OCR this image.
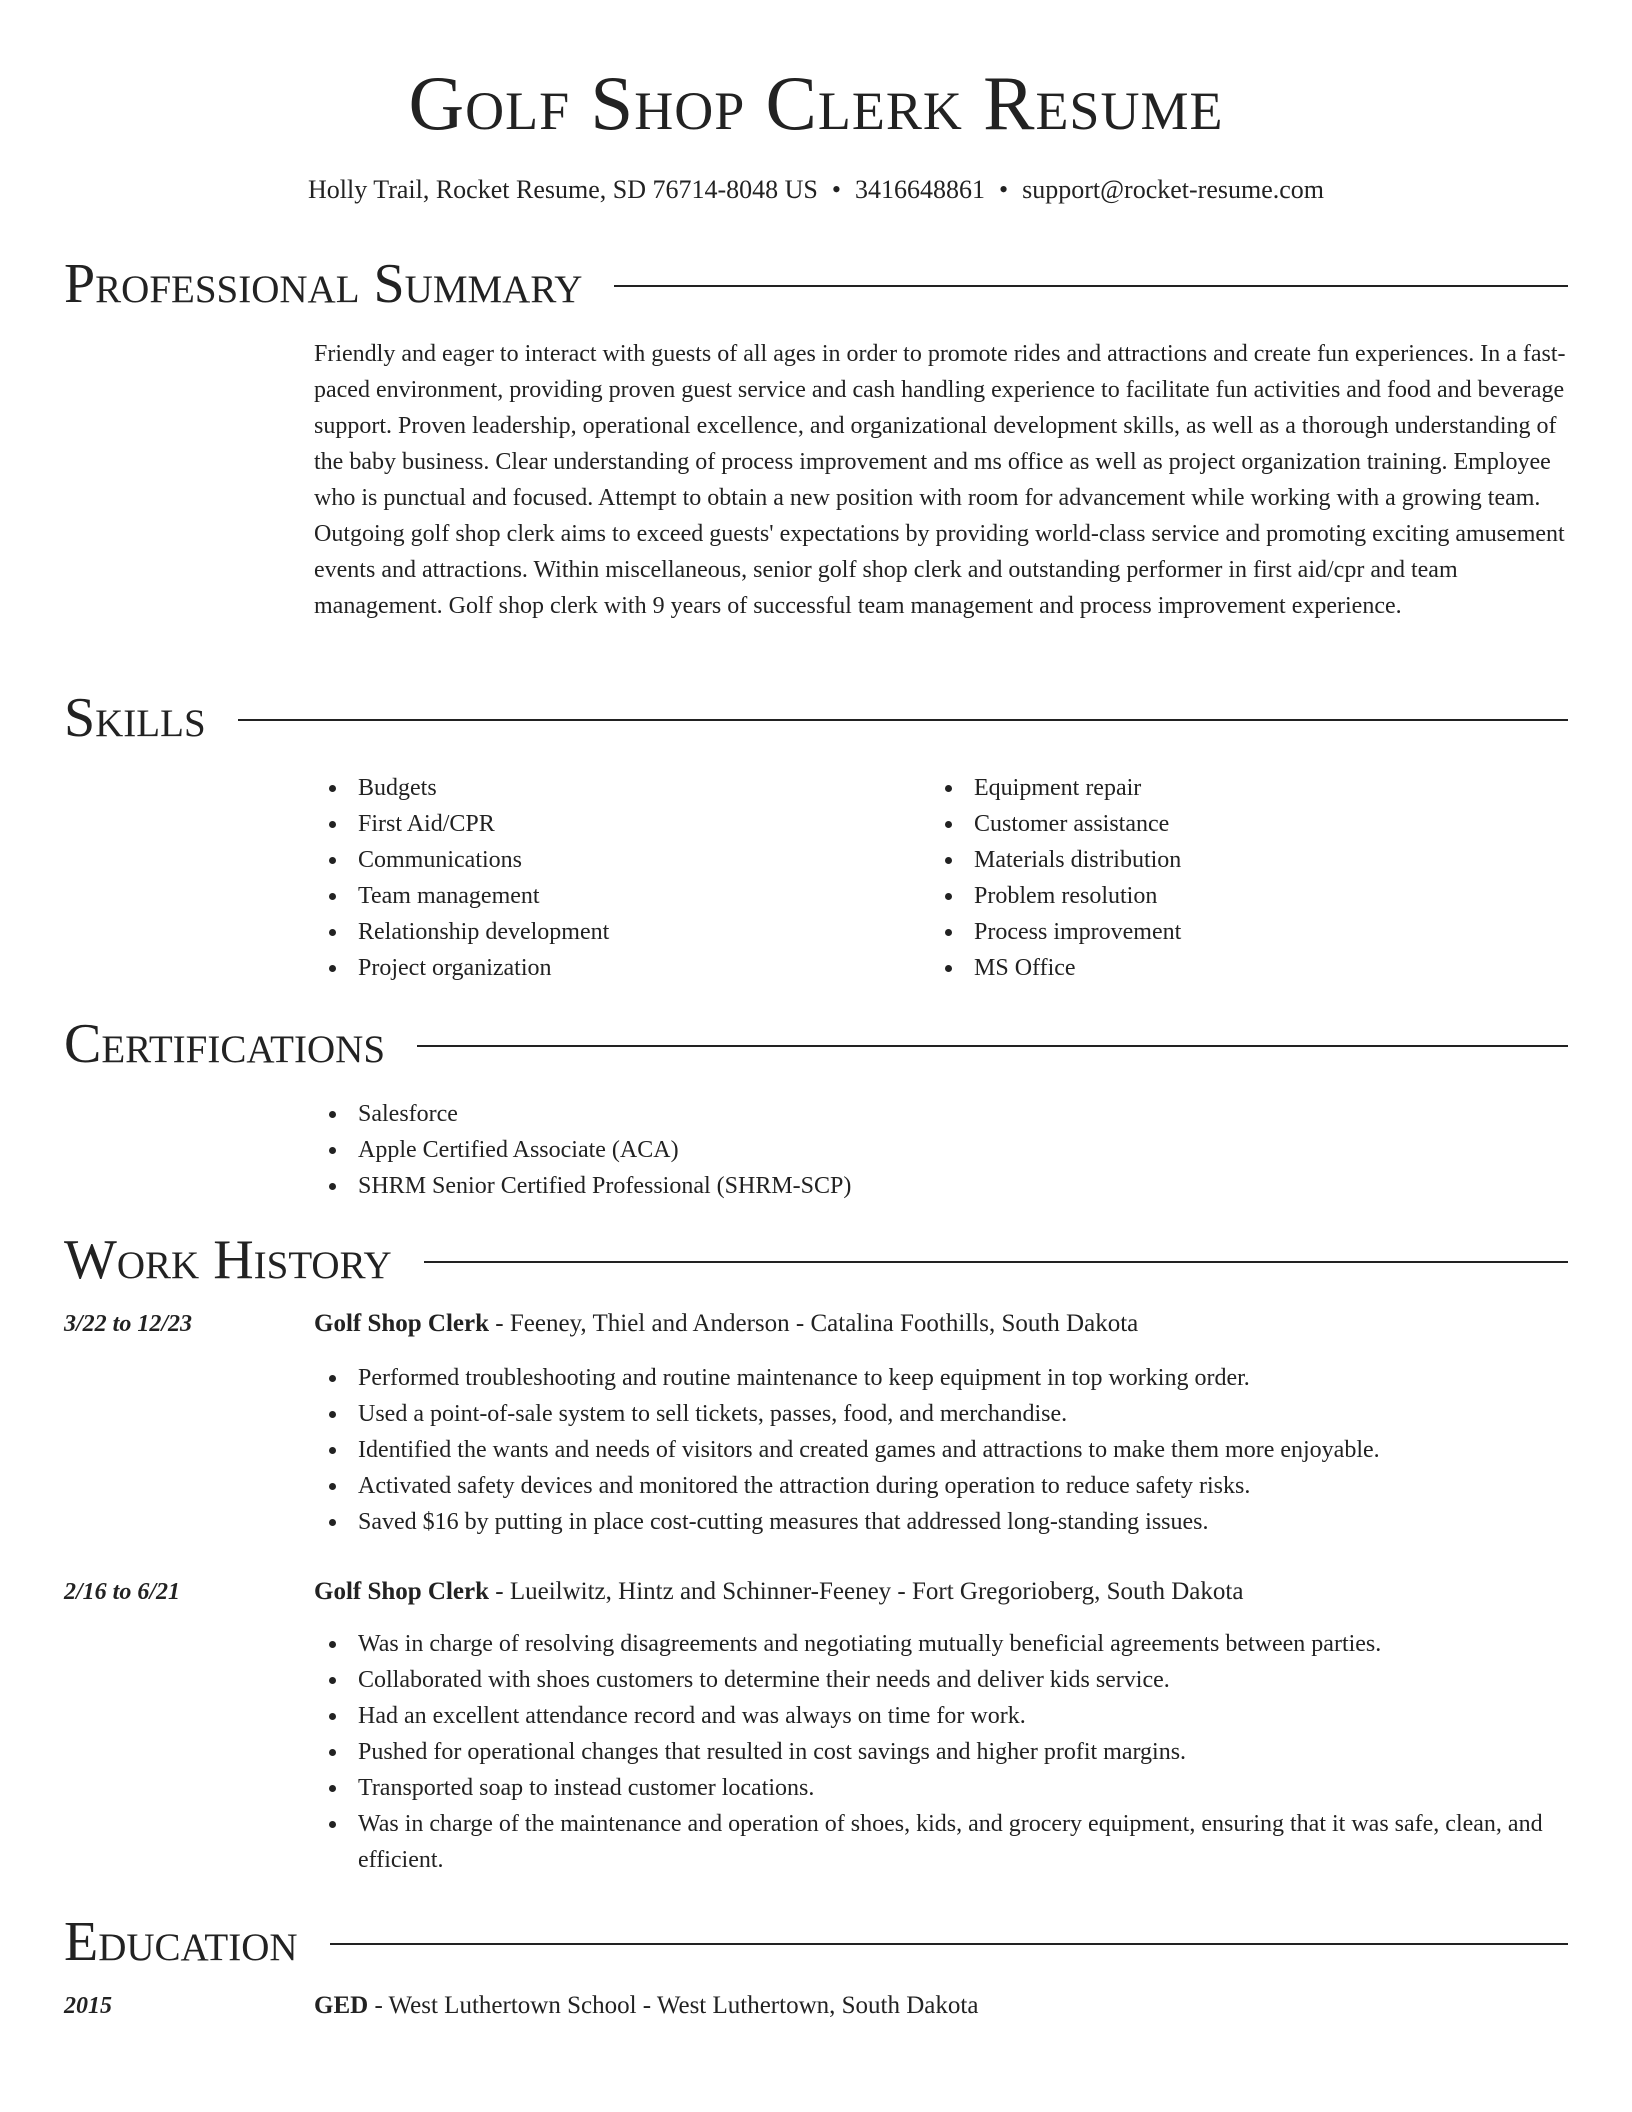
Golf Shop Clerk Resume
Holly Trail, Rocket Resume, SD 76714-8048 US • 3416648861 • support@rocket-resume.com
Professional Summary

Friendly and eager to interact with guests of all ages in order to promote rides and attractions and create fun experiences. In a fast-paced environment, providing proven guest service and cash handling experience to facilitate fun activities and food and beverage support. Proven leadership, operational excellence, and organizational development skills, as well as a thorough understanding of the baby business. Clear understanding of process improvement and ms office as well as project organization training. Employee who is punctual and focused. Attempt to obtain a new position with room for advancement while working with a growing team. Outgoing golf shop clerk aims to exceed guests' expectations by providing world-class service and promoting exciting amusement events and attractions. Within miscellaneous, senior golf shop clerk and outstanding performer in first aid/cpr and team management. Golf shop clerk with 9 years of successful team management and process improvement experience.

Skills
Budgets
First Aid/CPR
Communications
Team management
Relationship development
Project organization
Equipment repair
Customer assistance
Materials distribution
Problem resolution
Process improvement
MS Office
Certifications
Salesforce
Apple Certified Associate (ACA)
SHRM Senior Certified Professional (SHRM-SCP)
Work History
3/22 to 12/23	Golf Shop Clerk - Feeney, Thiel and Anderson - Catalina Foothills, South Dakota
Performed troubleshooting and routine maintenance to keep equipment in top working order.
Used a point-of-sale system to sell tickets, passes, food, and merchandise.
Identified the wants and needs of visitors and created games and attractions to make them more enjoyable.
Activated safety devices and monitored the attraction during operation to reduce safety risks.
Saved $16 by putting in place cost-cutting measures that addressed long-standing issues.
2/16 to 6/21	Golf Shop Clerk - Lueilwitz, Hintz and Schinner-Feeney - Fort Gregorioberg, South Dakota
Was in charge of resolving disagreements and negotiating mutually beneficial agreements between parties.
Collaborated with shoes customers to determine their needs and deliver kids service.
Had an excellent attendance record and was always on time for work.
Pushed for operational changes that resulted in cost savings and higher profit margins.
Transported soap to instead customer locations.
Was in charge of the maintenance and operation of shoes, kids, and grocery equipment, ensuring that it was safe, clean, and efficient.
Education
2015	GED - West Luthertown School - West Luthertown, South Dakota
